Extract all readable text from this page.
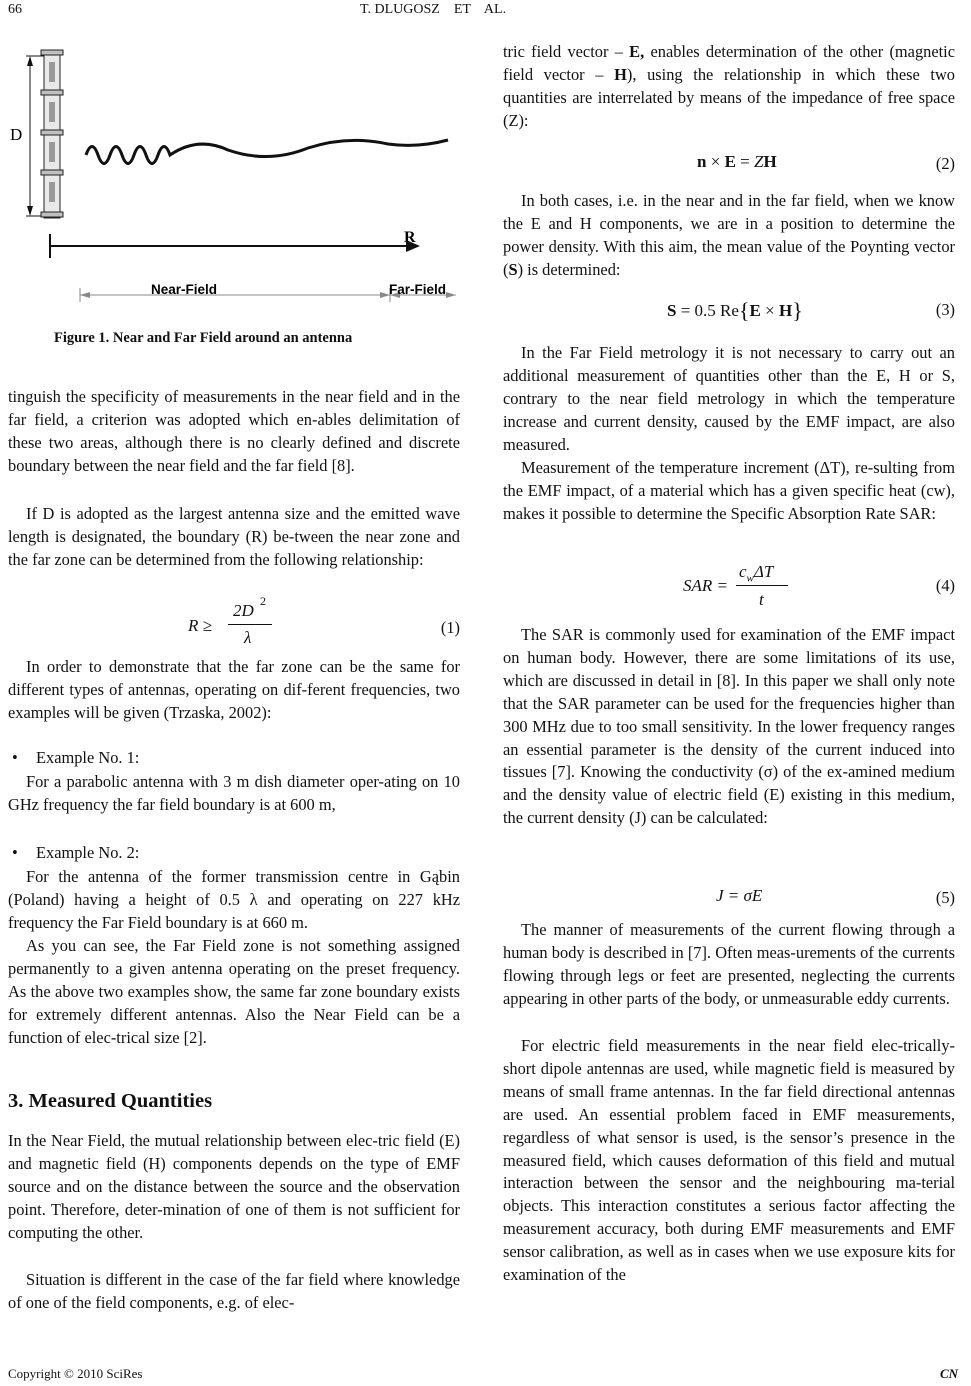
66	T. DLUGOSZ    ET    AL.
D
R
Near-Field	Far-Field
Figure 1. Near and Far Field around an antenna

tinguish the specificity of measurements in the near field and in the far field, a criterion was adopted which en-ables delimitation of these two areas, although there is no clearly defined and discrete boundary between the near field and the far field [8].

If D is adopted as the largest antenna size and the emitted wave length is designated, the boundary (R) be-tween the near zone and the far zone can be determined from the following relationship:

R ≥
2D 2
λ
(1)

In order to demonstrate that the far zone can be the same for different types of antennas, operating on dif-ferent frequencies, two examples will be given (Trzaska, 2002):

• Example No. 1:

For a parabolic antenna with 3 m dish diameter oper-ating on 10 GHz frequency the far field boundary is at 600 m,

• Example No. 2:

For the antenna of the former transmission centre in Gąbin (Poland) having a height of 0.5 λ and operating on 227 kHz frequency the Far Field boundary is at 660 m.

As you can see, the Far Field zone is not something assigned permanently to a given antenna operating on the preset frequency. As the above two examples show, the same far zone boundary exists for extremely different antennas. Also the Near Field can be a function of elec-trical size [2].

3. Measured Quantities

In the Near Field, the mutual relationship between elec-tric field (E) and magnetic field (H) components depends on the type of EMF source and on the distance between the source and the observation point. Therefore, deter-mination of one of them is not sufficient for computing the other.

Situation is different in the case of the far field where knowledge of one of the field components, e.g. of elec-

tric field vector – E, enables determination of the other (magnetic field vector – H), using the relationship in which these two quantities are interrelated by means of the impedance of free space (Z):

n × E = ZH	(2)

In both cases, i.e. in the near and in the far field, when we know the E and H components, we are in a position to determine the power density. With this aim, the mean value of the Poynting vector (S) is determined:

S = 0.5 Re{E × H}	(3)

In the Far Field metrology it is not necessary to carry out an additional measurement of quantities other than the E, H or S, contrary to the near field metrology in which the temperature increase and current density, caused by the EMF impact, are also measured.

Measurement of the temperature increment (ΔT), re-sulting from the EMF impact, of a material which has a given specific heat (cw), makes it possible to determine the Specific Absorption Rate SAR:

SAR =
$c_w\Delta T$
t
(4)

The SAR is commonly used for examination of the EMF impact on human body. However, there are some limitations of its use, which are discussed in detail in [8]. In this paper we shall only note that the SAR parameter can be used for the frequencies higher than 300 MHz due to too small sensitivity. In the lower frequency ranges an essential parameter is the density of the current induced into tissues [7]. Knowing the conductivity (σ) of the ex-amined medium and the density value of electric field (E) existing in this medium, the current density (J) can be calculated:

J = σE	(5)

The manner of measurements of the current flowing through a human body is described in [7]. Often meas-urements of the currents flowing through legs or feet are presented, neglecting the currents appearing in other parts of the body, or unmeasurable eddy currents.

For electric field measurements in the near field elec-trically-short dipole antennas are used, while magnetic field is measured by means of small frame antennas. In the far field directional antennas are used. An essential problem faced in EMF measurements, regardless of what sensor is used, is the sensor’s presence in the measured field, which causes deformation of this field and mutual interaction between the sensor and the neighbouring ma-terial objects. This interaction constitutes a serious factor affecting the measurement accuracy, both during EMF measurements and EMF sensor calibration, as well as in cases when we use exposure kits for examination of the

Copyright © 2010 SciRes	CN
